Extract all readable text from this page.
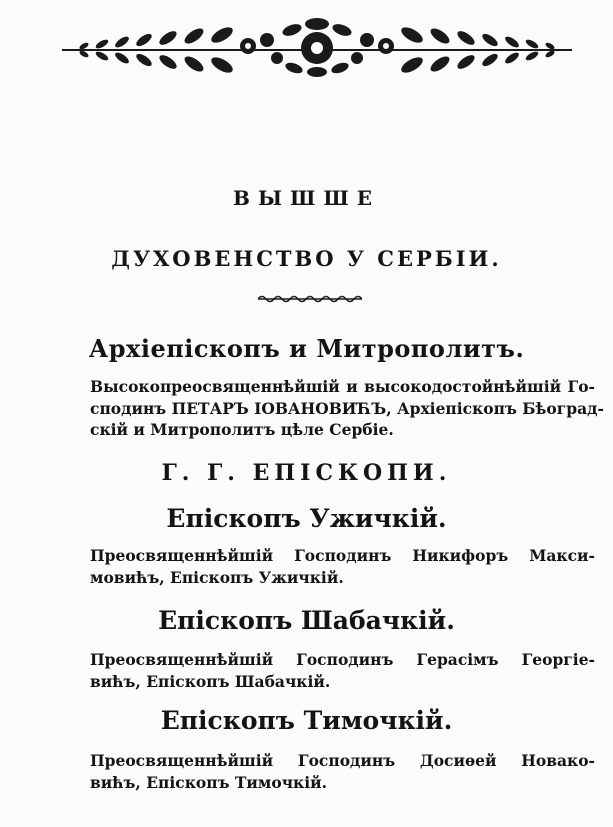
ВЫШШЕ
ДУХОВЕНСТВО У СЕРБІИ.
Архіепіскопъ и Митрополитъ.
Высокопреосвященнѣйшій и высокодостойнѣйшій Го-
сподинъ ПЕТАРЪ ІОВАНОВИЋЪ, Архіепіскопъ Бѣоград-
скій и Митрополитъ цѣле Сербіе.
Г. Г. ЕПІСКОПИ.
Епіскопъ Ужичкій.
Преосвященнѣйшій Господинъ Никифоръ Макси-
мовићъ, Епіскопъ Ужичкій.
Епіскопъ Шабачкій.
Преосвященнѣйшій Господинъ Герасімъ Георгіе-
вићъ, Епіскопъ Шабачкій.
Епіскопъ Тимочкій.
Преосвященнѣйшій Господинъ Досиѳей Новако-
вићъ, Епіскопъ Тимочкій.
